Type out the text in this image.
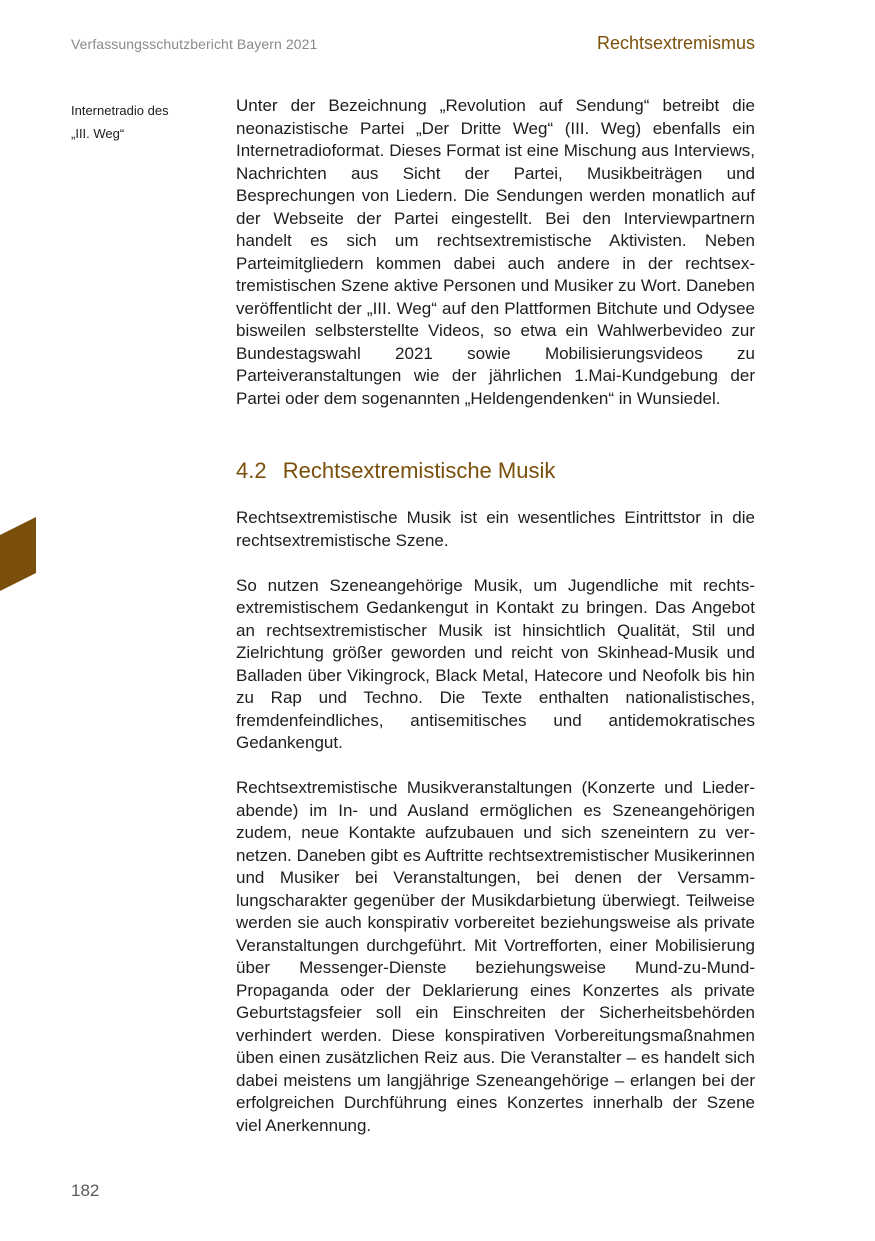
Verfassungsschutzbericht Bayern 2021	Rechtsextremismus
Internetradio des
„III. Weg“

Unter der Bezeichnung „Revolution auf Sendung“ betreibt die neonazistische Partei „Der Dritte Weg“ (III. Weg) ebenfalls ein Internetradioformat. Dieses Format ist eine Mischung aus Interviews, Nachrichten aus Sicht der Partei, Musikbeiträgen und Besprechungen von Liedern. Die Sendungen werden monatlich auf der Webseite der Partei eingestellt. Bei den Interviewpartnern handelt es sich um rechtsextremistische Aktivisten. Neben Parteimitgliedern kommen dabei auch andere in der rechtsextremistischen Szene aktive Personen und Musiker zu Wort. Daneben veröffentlicht der „III. Weg“ auf den Plattformen Bitchute und Odysee bisweilen selbsterstellte Videos, so etwa ein Wahlwerbevideo zur Bundestagswahl 2021 sowie Mobilisierungsvideos zu Parteiveranstaltungen wie der jährlichen 1.Mai-Kundgebung der Partei oder dem sogenannten „Heldengendenken“ in Wunsiedel.

4.2 Rechtsextremistische Musik

Rechtsextremistische Musik ist ein wesentliches Eintrittstor in die rechtsextremistische Szene.

So nutzen Szeneangehörige Musik, um Jugendliche mit rechtsextremistischem Gedankengut in Kontakt zu bringen. Das Angebot an rechtsextremistischer Musik ist hinsichtlich Qualität, Stil und Zielrichtung größer geworden und reicht von Skinhead-Musik und Balladen über Vikingrock, Black Metal, Hatecore und Neofolk bis hin zu Rap und Techno. Die Texte enthalten nationalistisches, fremdenfeindliches, antisemitisches und antidemokratisches Gedankengut.

Rechtsextremistische Musikveranstaltungen (Konzerte und Liederabende) im In- und Ausland ermöglichen es Szeneangehörigen zudem, neue Kontakte aufzubauen und sich szeneintern zu vernetzen. Daneben gibt es Auftritte rechtsextremistischer Musikerinnen und Musiker bei Veranstaltungen, bei denen der Versammlungscharakter gegenüber der Musikdarbietung überwiegt. Teilweise werden sie auch konspirativ vorbereitet beziehungsweise als private Veranstaltungen durchgeführt. Mit Vortrefforten, einer Mobilisierung über Messenger-Dienste beziehungsweise Mund-zu-Mund-Propaganda oder der Deklarierung eines Konzertes als private Geburtstagsfeier soll ein Einschreiten der Sicherheitsbehörden verhindert werden. Diese konspirativen Vorbereitungsmaßnahmen üben einen zusätzlichen Reiz aus. Die Veranstalter – es handelt sich dabei meistens um langjährige Szeneangehörige – erlangen bei der erfolgreichen Durchführung eines Konzertes innerhalb der Szene viel Anerkennung.

182
